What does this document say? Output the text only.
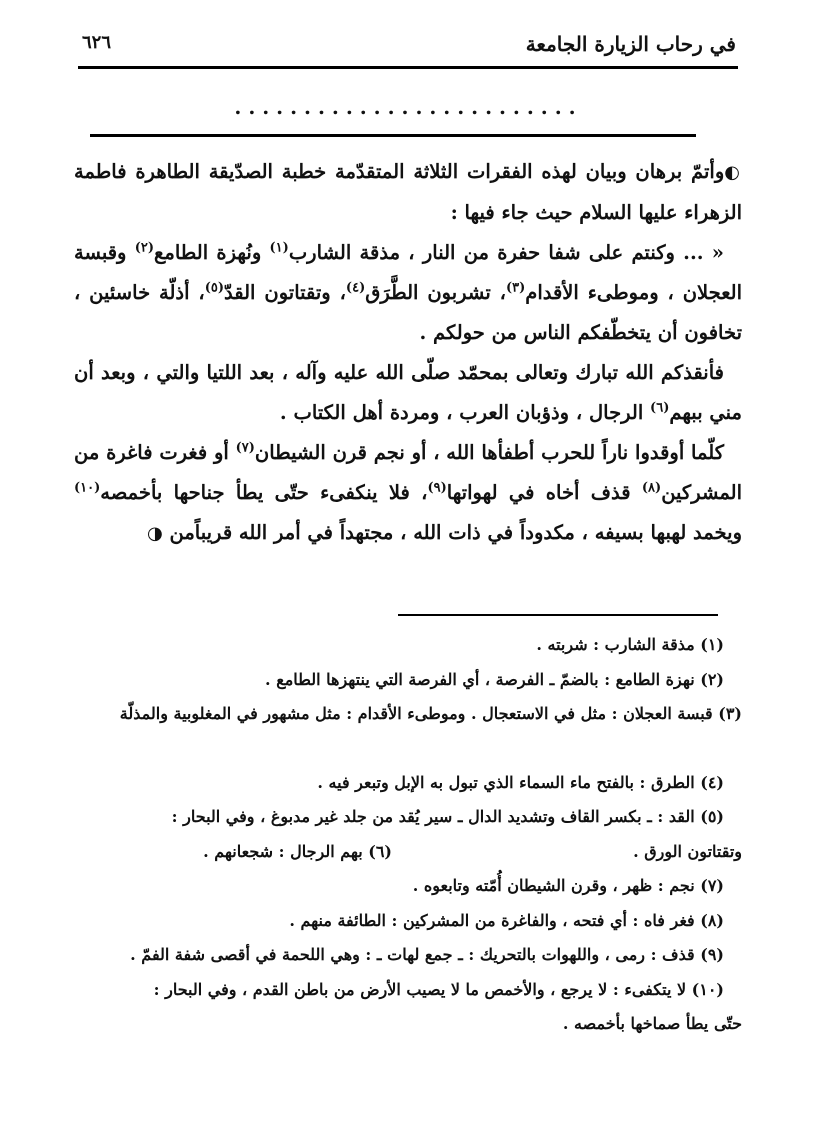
في رحاب الزيارة الجامعة
٦٢٦
. . . . . . . . . . . . . . . . . . . . . . . . .

◐وأتمّ برهان وبيان لهذه الفقرات الثلاثة المتقدّمة خطبة الصدّيقة الطاهرة فاطمة الزهراء عليها السلام حيث جاء فيها :

« ... وكنتم على شفا حفرة من النار ، مذقة الشارب$^{(١)}$ ونُهزة الطامع$^{(٢)}$ وقبسة العجلان ، وموطىء الأقدام$^{(٣)}$، تشربون الطَّرَق$^{(٤)}$، وتقتاتون القدّ$^{(٥)}$، أذلّة خاسئين ، تخافون أن يتخطّفكم الناس من حولكم .

فأنقذكم الله تبارك وتعالى بمحمّد صلّى الله عليه وآله ، بعد اللتيا والتي ، وبعد أن مني ببهم$^{(٦)}$ الرجال ، وذؤبان العرب ، ومردة أهل الكتاب .

كلّما أوقدوا ناراً للحرب أطفأها الله ، أو نجم قرن الشيطان$^{(٧)}$ أو فغرت فاغرة من المشركين$^{(٨)}$ قذف أخاه في لهواتها$^{(٩)}$، فلا ينكفىء حتّى يطأ جناحها بأخمصه$^{(١٠)}$ ويخمد لهبها بسيفه ، مكدوداً في ذات الله ، مجتهداً في أمر الله قريباًمن ◑

(١) مذقة الشارب : شربته .
(٢) نهزة الطامع : بالضمّ ـ الفرصة ، أي الفرصة التي ينتهزها الطامع .
(٣) قبسة العجلان : مثل في الاستعجال . وموطىء الأقدام : مثل مشهور في المغلوبية والمذلّة
(٤) الطرق : بالفتح ماء السماء الذي تبول به الإبل وتبعر فيه .
(٥) القد : ـ بكسر القاف وتشديد الدال ـ سير يُقد من جلد غير مدبوغ ، وفي البحار :
وتقتاتون الورق .
(٦) بهم الرجال : شجعانهم .
(٧) نجم : ظهر ، وقرن الشيطان أُمّته وتابعوه .
(٨) فغر فاه : أي فتحه ، والفاغرة من المشركين : الطائفة منهم .
(٩) قذف : رمى ، واللهوات بالتحريك : ـ جمع لهات ـ : وهي اللحمة في أقصى شفة الفمّ .
(١٠) لا يتكفىء : لا يرجع ، والأخمص ما لا يصيب الأرض من باطن القدم ، وفي البحار :
حتّى يطأ صماخها بأخمصه .
